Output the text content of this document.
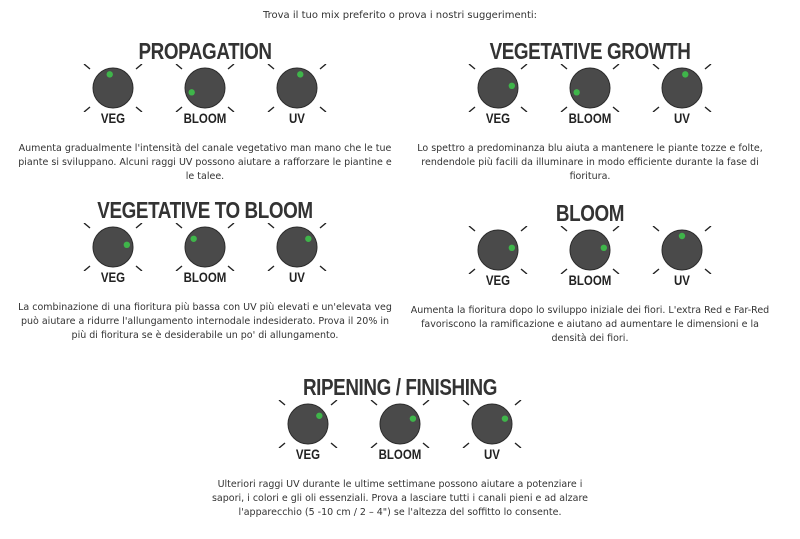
Trova il tuo mix preferito o prova i nostri suggerimenti:
PROPAGATION
VEG	BLOOM	UV
Aumenta gradualmente l'intensità del canale vegetativo man mano che le tue piante si sviluppano. Alcuni raggi UV possono aiutare a rafforzare le piantine e le talee.
VEGETATIVE GROWTH
VEG	BLOOM	UV
Lo spettro a predominanza blu aiuta a mantenere le piante tozze e folte, rendendole più facili da illuminare in modo efficiente durante la fase di fioritura.
VEGETATIVE TO BLOOM
VEG	BLOOM	UV
La combinazione di una fioritura più bassa con UV più elevati e un'elevata veg può aiutare a ridurre l'allungamento internodale indesiderato. Prova il 20% in più di fioritura se è desiderabile un po' di allungamento.
BLOOM
VEG	BLOOM	UV
Aumenta la fioritura dopo lo sviluppo iniziale dei fiori. L'extra Red e Far-Red favoriscono la ramificazione e aiutano ad aumentare le dimensioni e la densità dei fiori.
RIPENING / FINISHING
VEG	BLOOM	UV
Ulteriori raggi UV durante le ultime settimane possono aiutare a potenziare i sapori, i colori e gli oli essenziali. Prova a lasciare tutti i canali pieni e ad alzare l'apparecchio (5 -10 cm / 2 – 4") se l'altezza del soffitto lo consente.
